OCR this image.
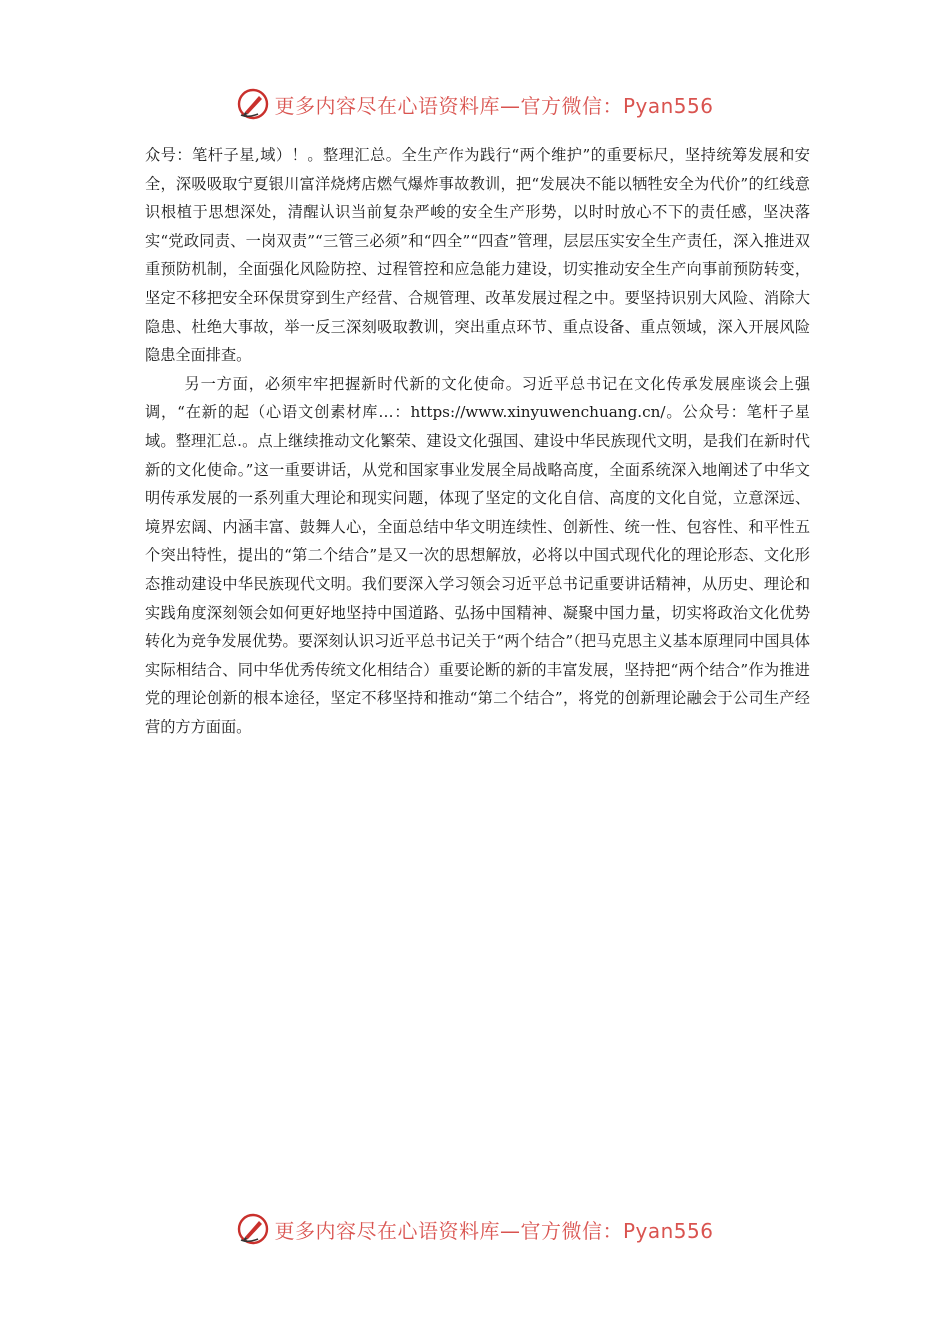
更多内容尽在心语资料库—官方微信：Pyan556

众号：笔杆子星,域）！。整理汇总。全生产作为践行“两个维护”的重要标尺，坚持统筹发展和安全，深吸吸取宁夏银川富洋烧烤店燃气爆炸事故教训，把“发展决不能以牺牲安全为代价”的红线意识根植于思想深处，清醒认识当前复杂严峻的安全生产形势，以时时放心不下的责任感，坚决落实“党政同责、一岗双责”“三管三必须”和“四全”“四查”管理，层层压实安全生产责任，深入推进双重预防机制，全面强化风险防控、过程管控和应急能力建设，切实推动安全生产向事前预防转变，坚定不移把安全环保贯穿到生产经营、合规管理、改革发展过程之中。要坚持识别大风险、消除大隐患、杜绝大事故，举一反三深刻吸取教训，突出重点环节、重点设备、重点领域，深入开展风险隐患全面排查。

另一方面，必须牢牢把握新时代新的文化使命。习近平总书记在文化传承发展座谈会上强调，“在新的起（心语文创素材库…：https://www.xinyuwenchuang.cn/。公众号：笔杆子星域。整理汇总.。点上继续推动文化繁荣、建设文化强国、建设中华民族现代文明，是我们在新时代新的文化使命。”这一重要讲话，从党和国家事业发展全局战略高度，全面系统深入地阐述了中华文明传承发展的一系列重大理论和现实问题，体现了坚定的文化自信、高度的文化自觉，立意深远、境界宏阔、内涵丰富、鼓舞人心，全面总结中华文明连续性、创新性、统一性、包容性、和平性五个突出特性，提出的“第二个结合”是又一次的思想解放，必将以中国式现代化的理论形态、文化形态推动建设中华民族现代文明。我们要深入学习领会习近平总书记重要讲话精神，从历史、理论和实践角度深刻领会如何更好地坚持中国道路、弘扬中国精神、凝聚中国力量，切实将政治文化优势转化为竞争发展优势。要深刻认识习近平总书记关于“两个结合”（把马克思主义基本原理同中国具体实际相结合、同中华优秀传统文化相结合）重要论断的新的丰富发展，坚持把“两个结合”作为推进党的理论创新的根本途径，坚定不移坚持和推动“第二个结合”，将党的创新理论融会于公司生产经营的方方面面。

更多内容尽在心语资料库—官方微信：Pyan556
